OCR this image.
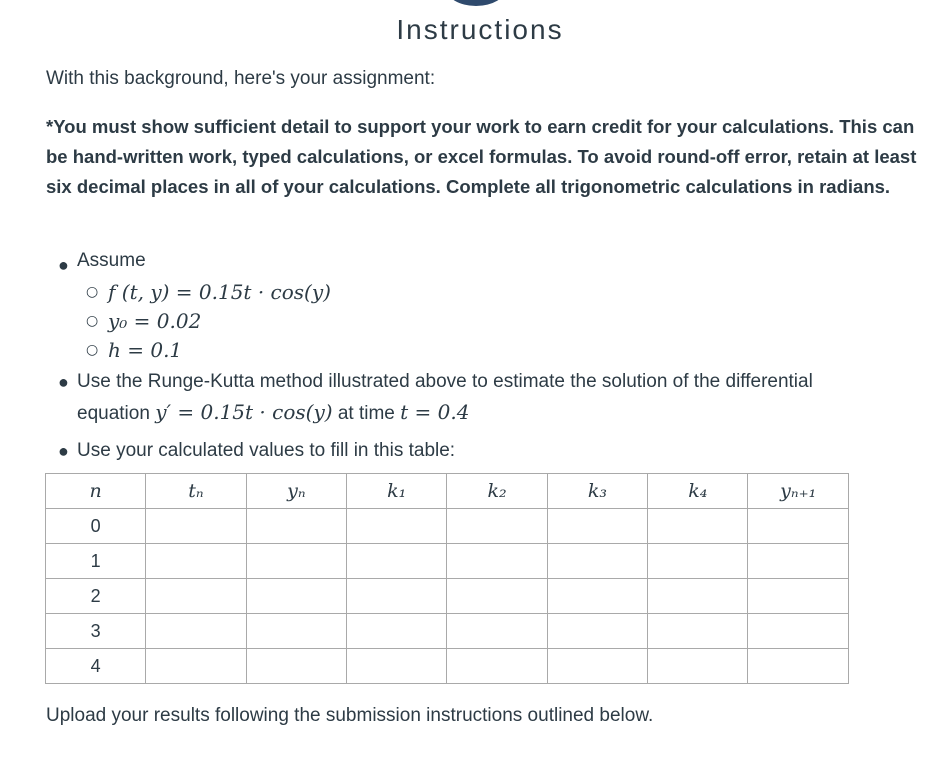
Instructions
With this background, here's your assignment:
*You must show sufficient detail to support your work to earn credit for your calculations. This can be hand-written work, typed calculations, or excel formulas. To avoid round-off error, retain at least six decimal places in all of your calculations. Complete all trigonometric calculations in radians.
● Assume
○ f (t, y) = 0.15t · cos(y)
○ y₀ = 0.02
○ h = 0.1
● Use the Runge-Kutta method illustrated above to estimate the solution of the differential
equation y′ = 0.15t · cos(y) at time t = 0.4
● Use your calculated values to fill in this table:
n	tₙ	yₙ	k₁	k₂	k₃	k₄	yₙ₊₁
0							
1							
2							
3							
4							
Upload your results following the submission instructions outlined below.
